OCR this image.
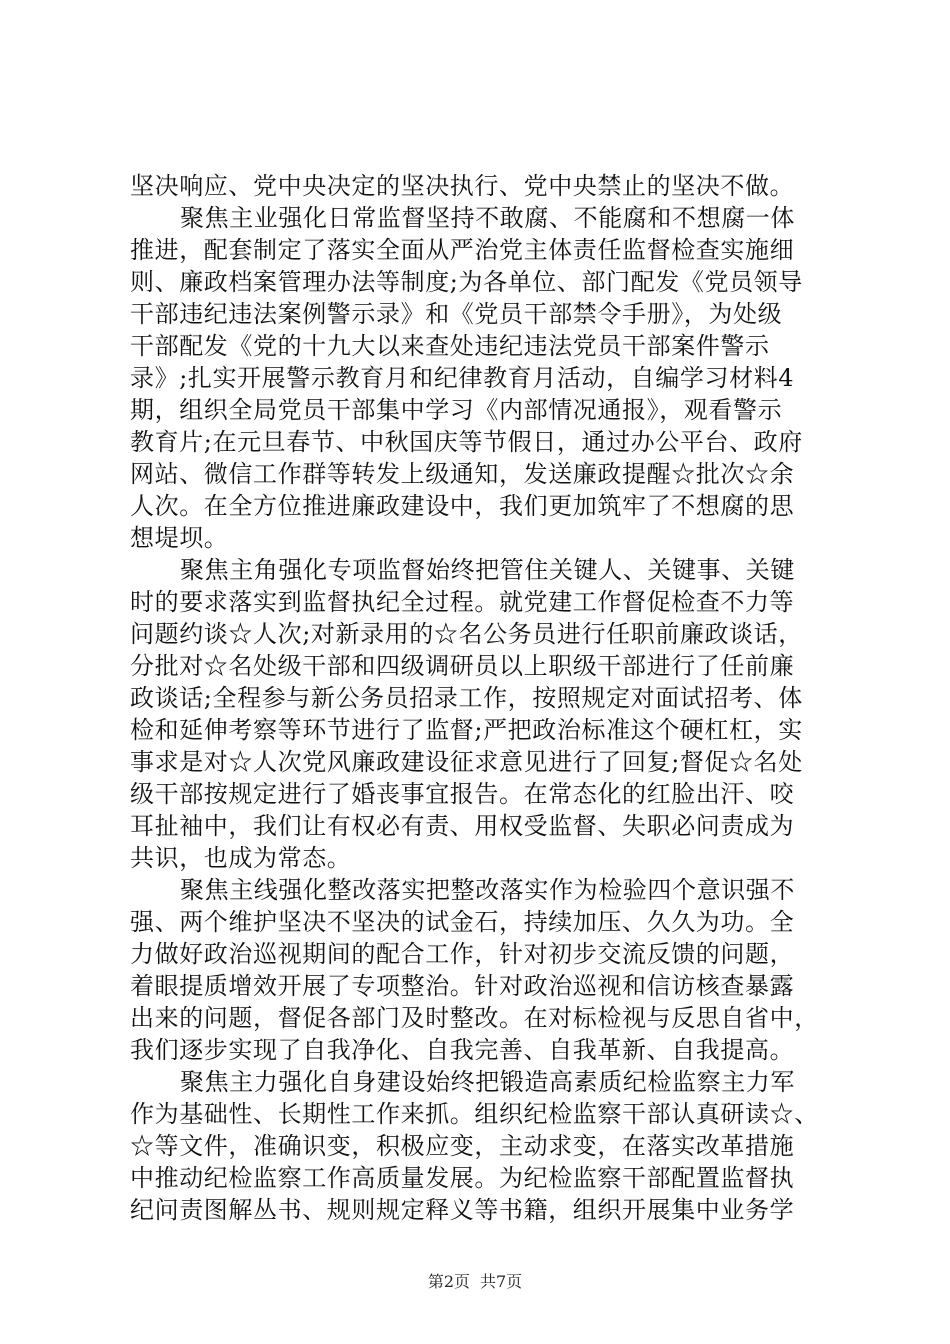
坚决响应、党中央决定的坚决执行、党中央禁止的坚决不做。
聚焦主业强化日常监督坚持不敢腐、不能腐和不想腐一体
推进，配套制定了落实全面从严治党主体责任监督检查实施细
则、廉政档案管理办法等制度;为各单位、部门配发《党员领导
干部违纪违法案例警示录》和《党员干部禁令手册》，为处级
干部配发《党的十九大以来查处违纪违法党员干部案件警示
录》;扎实开展警示教育月和纪律教育月活动，自编学习材料4
期，组织全局党员干部集中学习《内部情况通报》，观看警示
教育片;在元旦春节、中秋国庆等节假日，通过办公平台、政府
网站、微信工作群等转发上级通知，发送廉政提醒☆批次☆余
人次。在全方位推进廉政建设中，我们更加筑牢了不想腐的思
想堤坝。
聚焦主角强化专项监督始终把管住关键人、关键事、关键
时的要求落实到监督执纪全过程。就党建工作督促检查不力等
问题约谈☆人次;对新录用的☆名公务员进行任职前廉政谈话，
分批对☆名处级干部和四级调研员以上职级干部进行了任前廉
政谈话;全程参与新公务员招录工作，按照规定对面试招考、体
检和延伸考察等环节进行了监督;严把政治标准这个硬杠杠，实
事求是对☆人次党风廉政建设征求意见进行了回复;督促☆名处
级干部按规定进行了婚丧事宜报告。在常态化的红脸出汗、咬
耳扯袖中，我们让有权必有责、用权受监督、失职必问责成为
共识，也成为常态。
聚焦主线强化整改落实把整改落实作为检验四个意识强不
强、两个维护坚决不坚决的试金石，持续加压、久久为功。全
力做好政治巡视期间的配合工作，针对初步交流反馈的问题，
着眼提质增效开展了专项整治。针对政治巡视和信访核查暴露
出来的问题，督促各部门及时整改。在对标检视与反思自省中，
我们逐步实现了自我净化、自我完善、自我革新、自我提高。
聚焦主力强化自身建设始终把锻造高素质纪检监察主力军
作为基础性、长期性工作来抓。组织纪检监察干部认真研读☆、
☆等文件，准确识变，积极应变，主动求变，在落实改革措施
中推动纪检监察工作高质量发展。为纪检监察干部配置监督执
纪问责图解丛书、规则规定释义等书籍，组织开展集中业务学
第2页 共7页
